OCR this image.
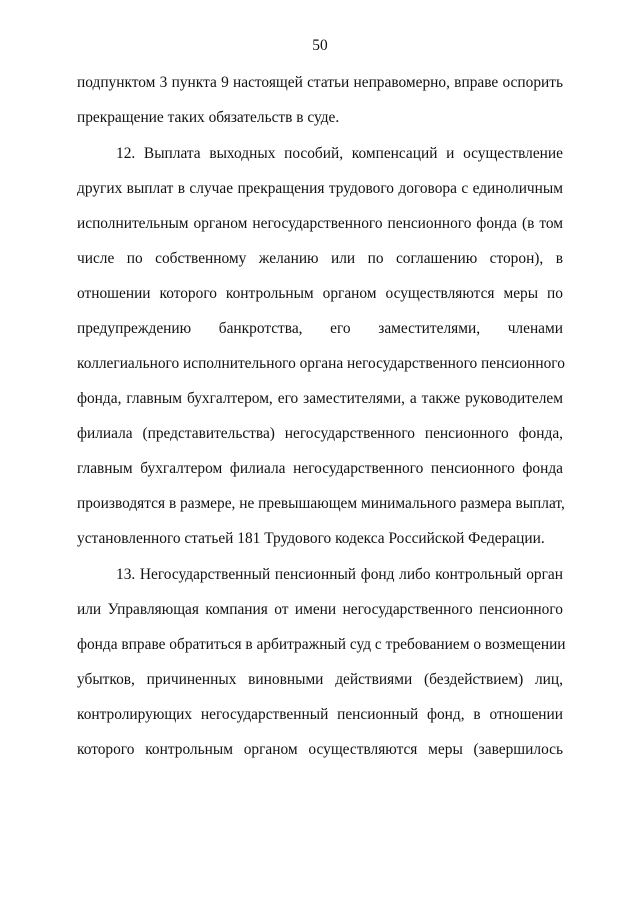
50
подпунктом 3 пункта 9 настоящей статьи неправомерно, вправе оспорить
прекращение таких обязательств в суде.
12. Выплата выходных пособий, компенсаций и осуществление
других выплат в случае прекращения трудового договора с единоличным
исполнительным органом негосударственного пенсионного фонда (в том
числе по собственному желанию или по соглашению сторон), в
отношении которого контрольным органом осуществляются меры по
предупреждению банкротства, его заместителями, членами
коллегиального исполнительного органа негосударственного пенсионного
фонда, главным бухгалтером, его заместителями, а также руководителем
филиала (представительства) негосударственного пенсионного фонда,
главным бухгалтером филиала негосударственного пенсионного фонда
производятся в размере, не превышающем минимального размера выплат,
установленного статьей 181 Трудового кодекса Российской Федерации.
13. Негосударственный пенсионный фонд либо контрольный орган
или Управляющая компания от имени негосударственного пенсионного
фонда вправе обратиться в арбитражный суд с требованием о возмещении
убытков, причиненных виновными действиями (бездействием) лиц,
контролирующих негосударственный пенсионный фонд, в отношении
которого контрольным органом осуществляются меры (завершилось
